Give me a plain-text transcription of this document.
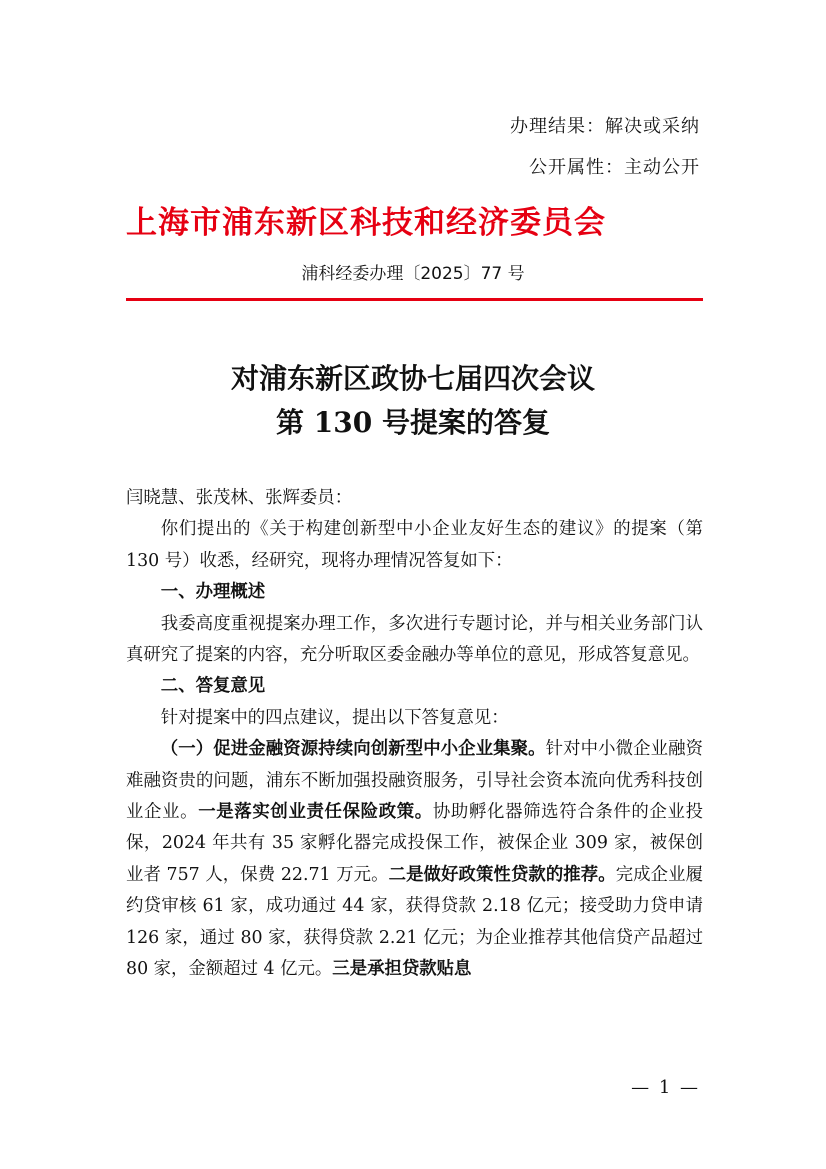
办理结果：解决或采纳
公开属性：主动公开
上海市浦东新区科技和经济委员会
浦科经委办理〔2025〕77 号
对浦东新区政协七届四次会议
第 130 号提案的答复

闫晓慧、张茂林、张辉委员：

你们提出的《关于构建创新型中小企业友好生态的建议》的提案（第 130 号）收悉，经研究，现将办理情况答复如下：

一、办理概述

我委高度重视提案办理工作，多次进行专题讨论，并与相关业务部门认真研究了提案的内容，充分听取区委金融办等单位的意见，形成答复意见。

二、答复意见

针对提案中的四点建议，提出以下答复意见：

（一）促进金融资源持续向创新型中小企业集聚。针对中小微企业融资难融资贵的问题，浦东不断加强投融资服务，引导社会资本流向优秀科技创业企业。一是落实创业责任保险政策。协助孵化器筛选符合条件的企业投保，2024 年共有 35 家孵化器完成投保工作，被保企业 309 家，被保创业者 757 人，保费 22.71 万元。二是做好政策性贷款的推荐。完成企业履约贷审核 61 家，成功通过 44 家，获得贷款 2.18 亿元；接受助力贷申请 126 家，通过 80 家，获得贷款 2.21 亿元；为企业推荐其他信贷产品超过 80 家，金额超过 4 亿元。三是承担贷款贴息

— 1 —
